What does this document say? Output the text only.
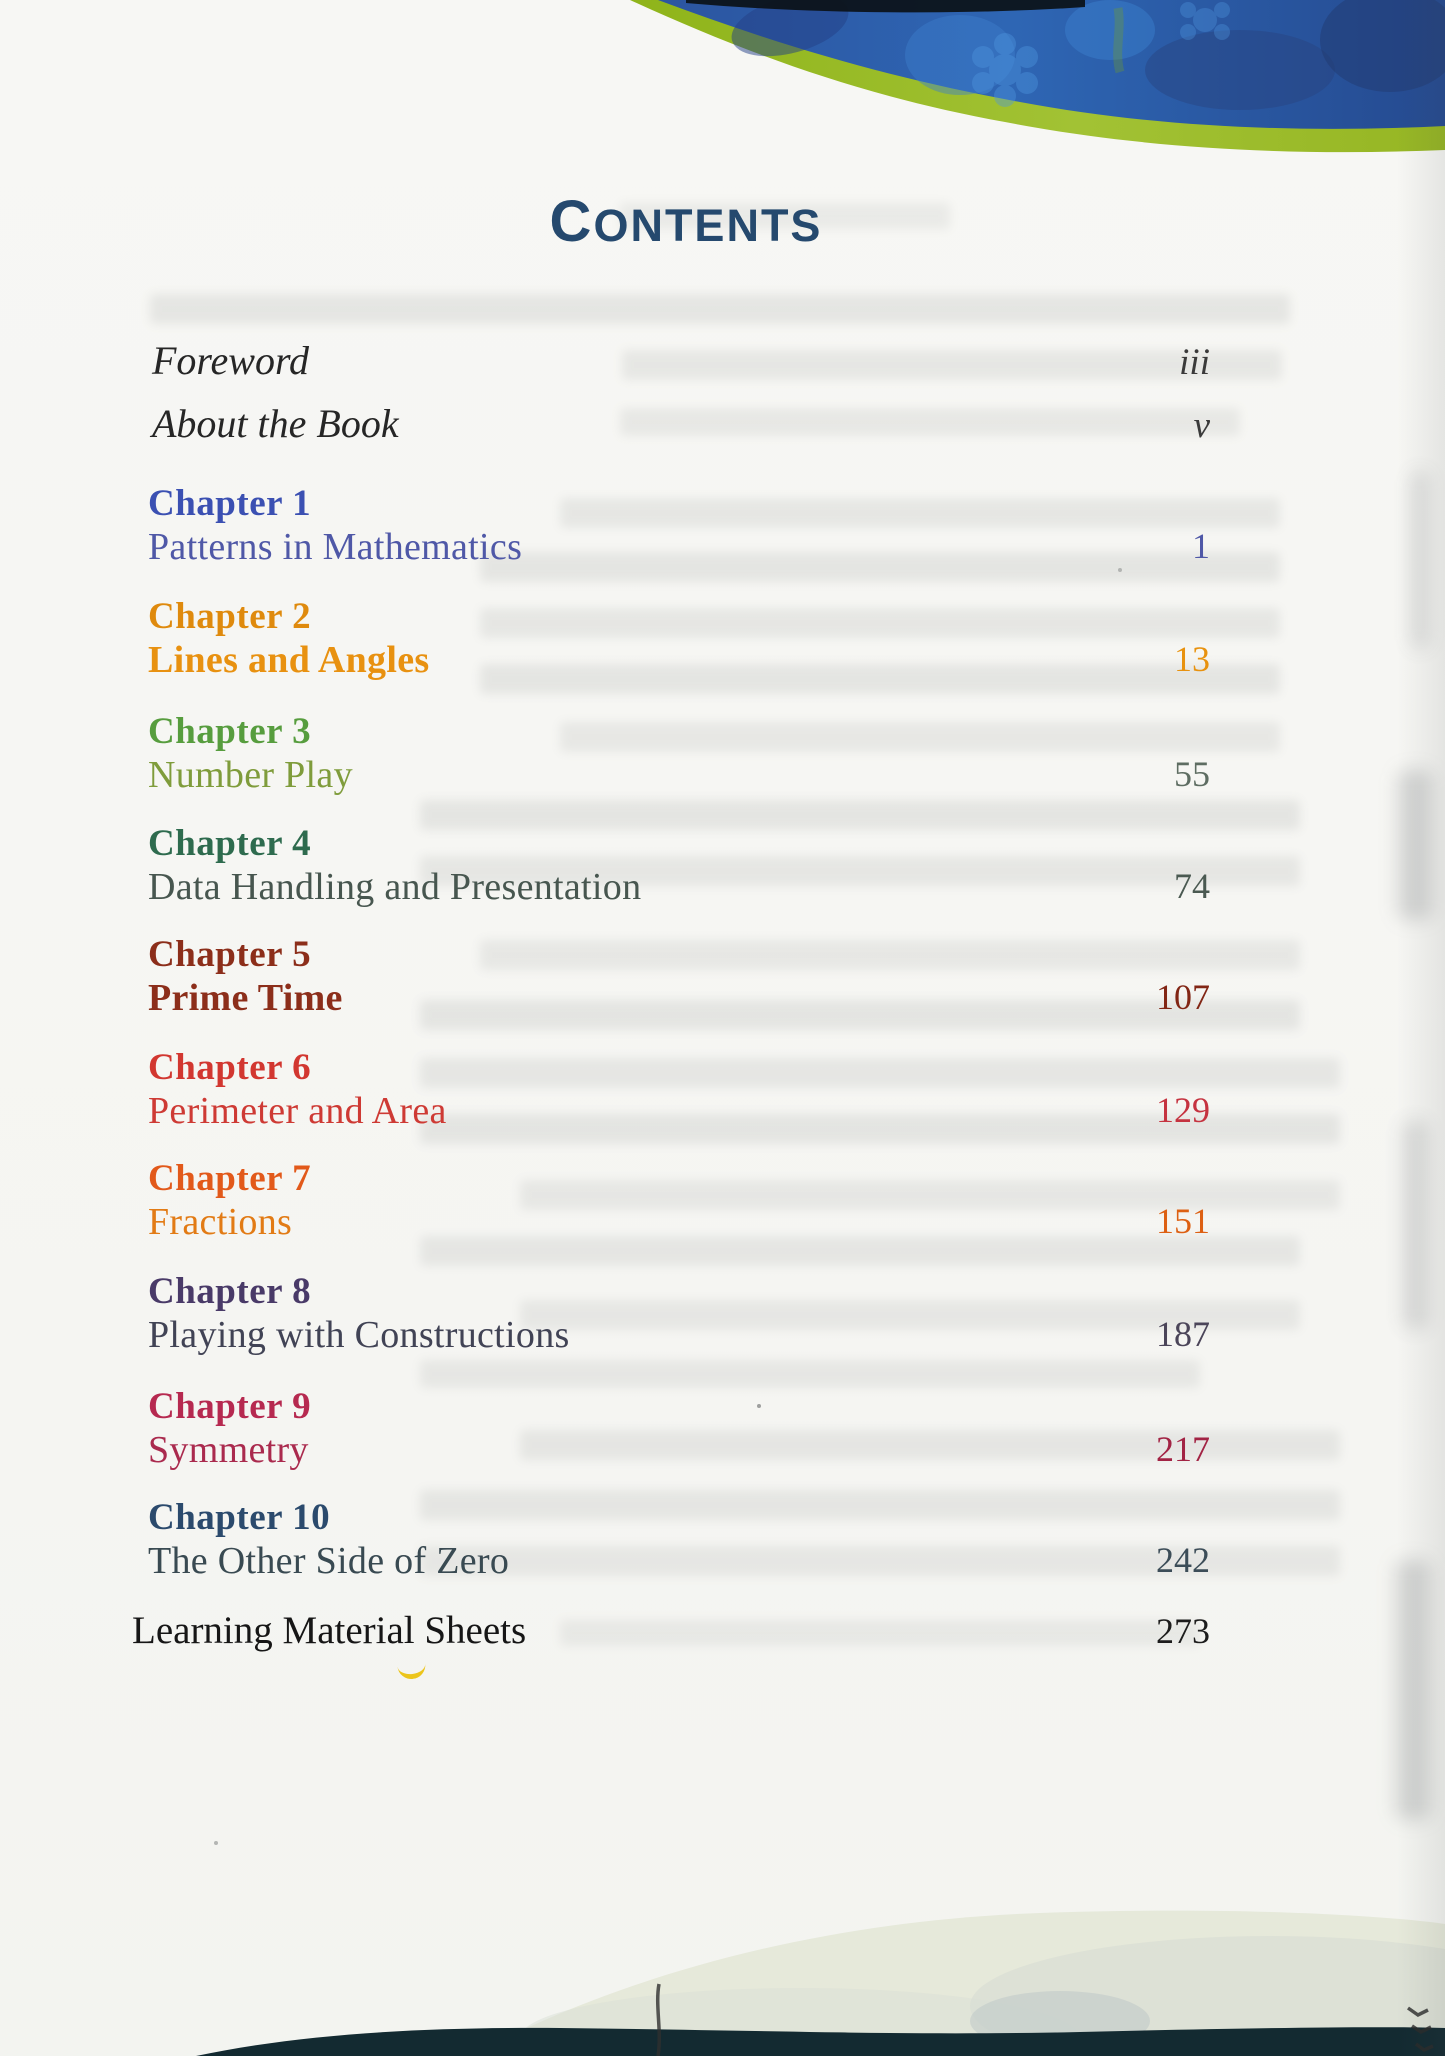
CONTENTS
Foreword	iii
About the Book	v
Chapter 1
Patterns in Mathematics	1
Chapter 2
Lines and Angles	13
Chapter 3
Number Play	55
Chapter 4
Data Handling and Presentation	74
Chapter 5
Prime Time	107
Chapter 6
Perimeter and Area	129
Chapter 7
Fractions	151
Chapter 8
Playing with Constructions	187
Chapter 9
Symmetry	217
Chapter 10
The Other Side of Zero	242
Learning Material Sheets	273
